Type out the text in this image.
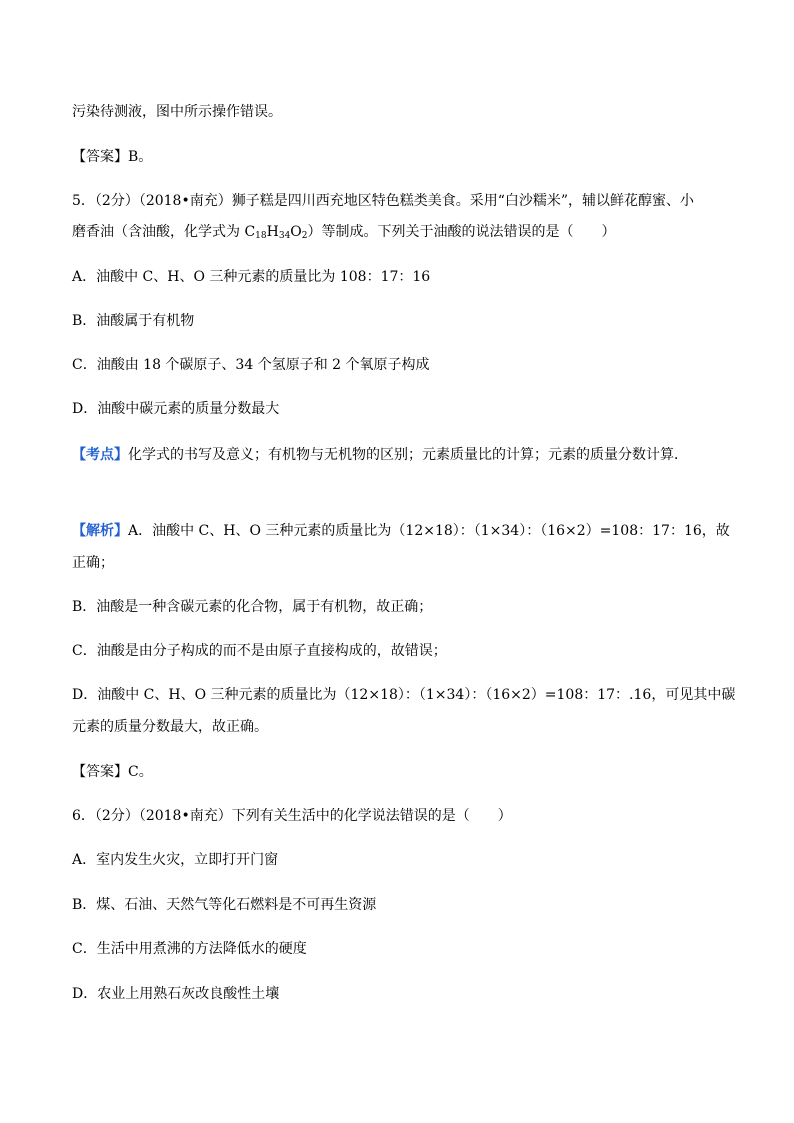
污染待测液，图中所示操作错误。
【答案】B。
5．（2分）（2018•南充）狮子糕是四川西充地区特色糕类美食。采用“白沙糯米”，辅以鲜花醇蜜、小
磨香油（含油酸，化学式为 $C_{18}H_{34}O_2$）等制成。下列关于油酸的说法错误的是（　　）
A．油酸中 C、H、O 三种元素的质量比为 108：17：16
B．油酸属于有机物
C．油酸由 18 个碳原子、34 个氢原子和 2 个氧原子构成
D．油酸中碳元素的质量分数最大
【考点】化学式的书写及意义；有机物与无机物的区别；元素质量比的计算；元素的质量分数计算．
【解析】A．油酸中 C、H、O 三种元素的质量比为（12×18）：（1×34）：（16×2）=108：17：16，故
正确；
B．油酸是一种含碳元素的化合物，属于有机物，故正确；
C．油酸是由分子构成的而不是由原子直接构成的，故错误；
D．油酸中 C、H、O 三种元素的质量比为（12×18）：（1×34）：（16×2）=108：17：.16，可见其中碳
元素的质量分数最大，故正确。
【答案】C。
6．（2分）（2018•南充）下列有关生活中的化学说法错误的是（　　）
A．室内发生火灾，立即打开门窗
B．煤、石油、天然气等化石燃料是不可再生资源
C．生活中用煮沸的方法降低水的硬度
D．农业上用熟石灰改良酸性土壤
